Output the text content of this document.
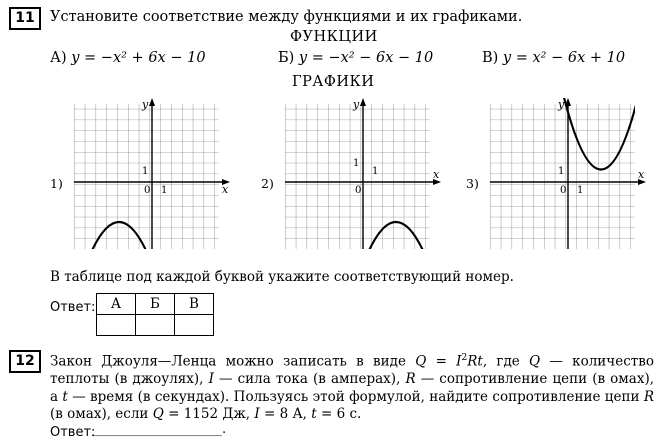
11	Установите соответствие между функциями и их графиками.
ФУНКЦИИ
А) y = −x² + 6x − 10	Б) y = −x² − 6x − 10	В) y = x² − 6x + 10
ГРАФИКИ
1)	2)	3)
y
x
1
1
0
y
x
1
1
0
y
x
1
1
0
В таблице под каждой буквой укажите соответствующий номер.
Ответ: А	Б	В

12	Закон Джоуля—Ленца можно записать в виде $Q = I^2Rt$, где Q — количество теплоты (в джоулях), I — сила тока (в амперах), R — сопротивление цепи (в омах), а t — время (в секундах). Пользуясь этой формулой, найдите сопротивление цепи R (в омах), если Q = 1152 Дж, I = 8 А, t = 6 с.
Ответ:
____________________.
